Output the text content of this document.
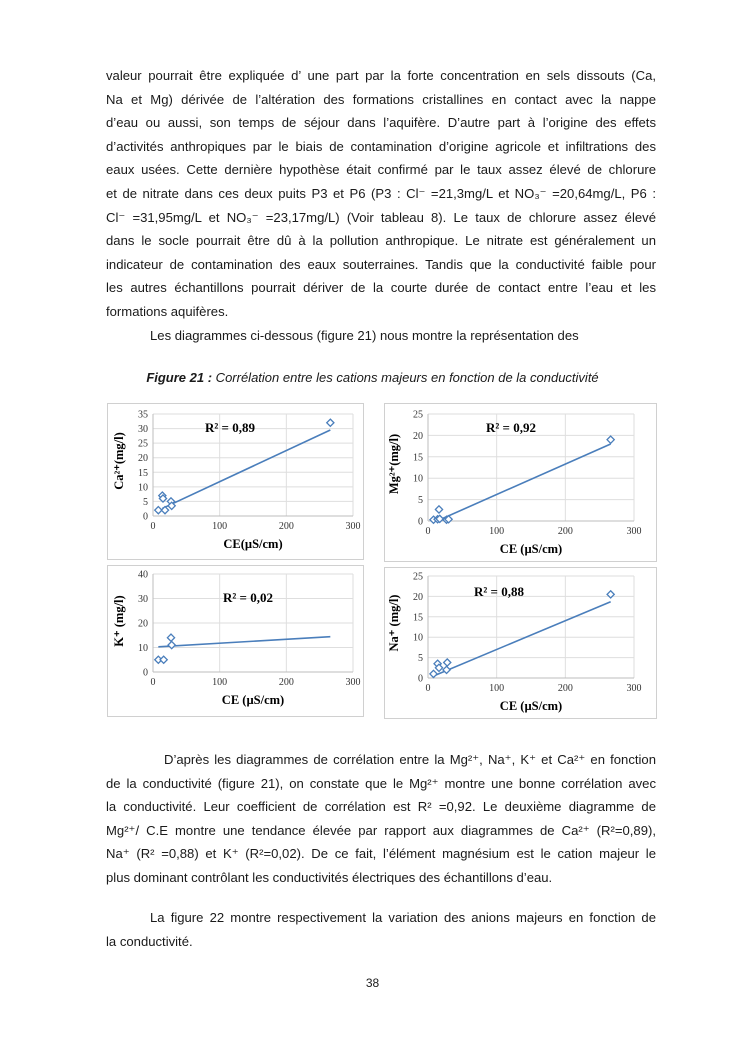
valeur pourrait être expliquée d’ une part par la forte concentration en sels dissouts (Ca,
Na et Mg) dérivée de l’altération des formations cristallines en contact avec la nappe
d’eau ou aussi, son temps de séjour dans l’aquifère. D’autre part à l’origine des effets
d’activités anthropiques par le biais de contamination d’origine agricole et infiltrations des
eaux usées. Cette dernière hypothèse était confirmé par le taux assez élevé de chlorure
et de nitrate dans ces deux puits P3 et P6 (P3 : Cl⁻ =21,3mg/L et NO₃⁻ =20,64mg/L, P6 :
Cl⁻ =31,95mg/L et NO₃⁻ =23,17mg/L) (Voir tableau 8). Le taux de chlorure assez élevé
dans le socle pourrait être dû à la pollution anthropique. Le nitrate est généralement un
indicateur de contamination des eaux souterraines. Tandis que la conductivité faible pour
les autres échantillons pourrait dériver de la courte durée de contact entre l’eau et les
formations aquifères.
Les diagrammes ci-dessous (figure 21) nous montre la représentation des
Figure 21 : Corrélation entre les cations majeurs en fonction de la conductivité
0
5
10
15
20
25
30
35
0	100	200	300
R² = 0,89
CE(µS/cm)
Ca²⁺(mg/l)
0
5
10
15
20
25
0	100	200	300
R² = 0,92
CE (µS/cm)
Mg²⁺(mg/l)
0
10
20
30
40
0	100	200	300
R² = 0,02
CE (µS/cm)
K⁺ (mg/l)
0
5
10
15
20
25
0	100	200	300
R² = 0,88
CE (µS/cm)
Na⁺ (mg/l)
D’après les diagrammes de corrélation entre la Mg²⁺, Na⁺, K⁺ et Ca²⁺ en fonction
de la conductivité (figure 21), on constate que le Mg²⁺ montre une bonne corrélation avec
la conductivité. Leur coefficient de corrélation est R² =0,92. Le deuxième diagramme de
Mg²⁺/ C.E montre une tendance élevée par rapport aux diagrammes de Ca²⁺ (R²=0,89),
Na⁺ (R² =0,88) et K⁺ (R²=0,02). De ce fait, l’élément magnésium est le cation majeur le
plus dominant contrôlant les conductivités électriques des échantillons d’eau.
La figure 22 montre respectivement la variation des anions majeurs en fonction de
la conductivité.
38
